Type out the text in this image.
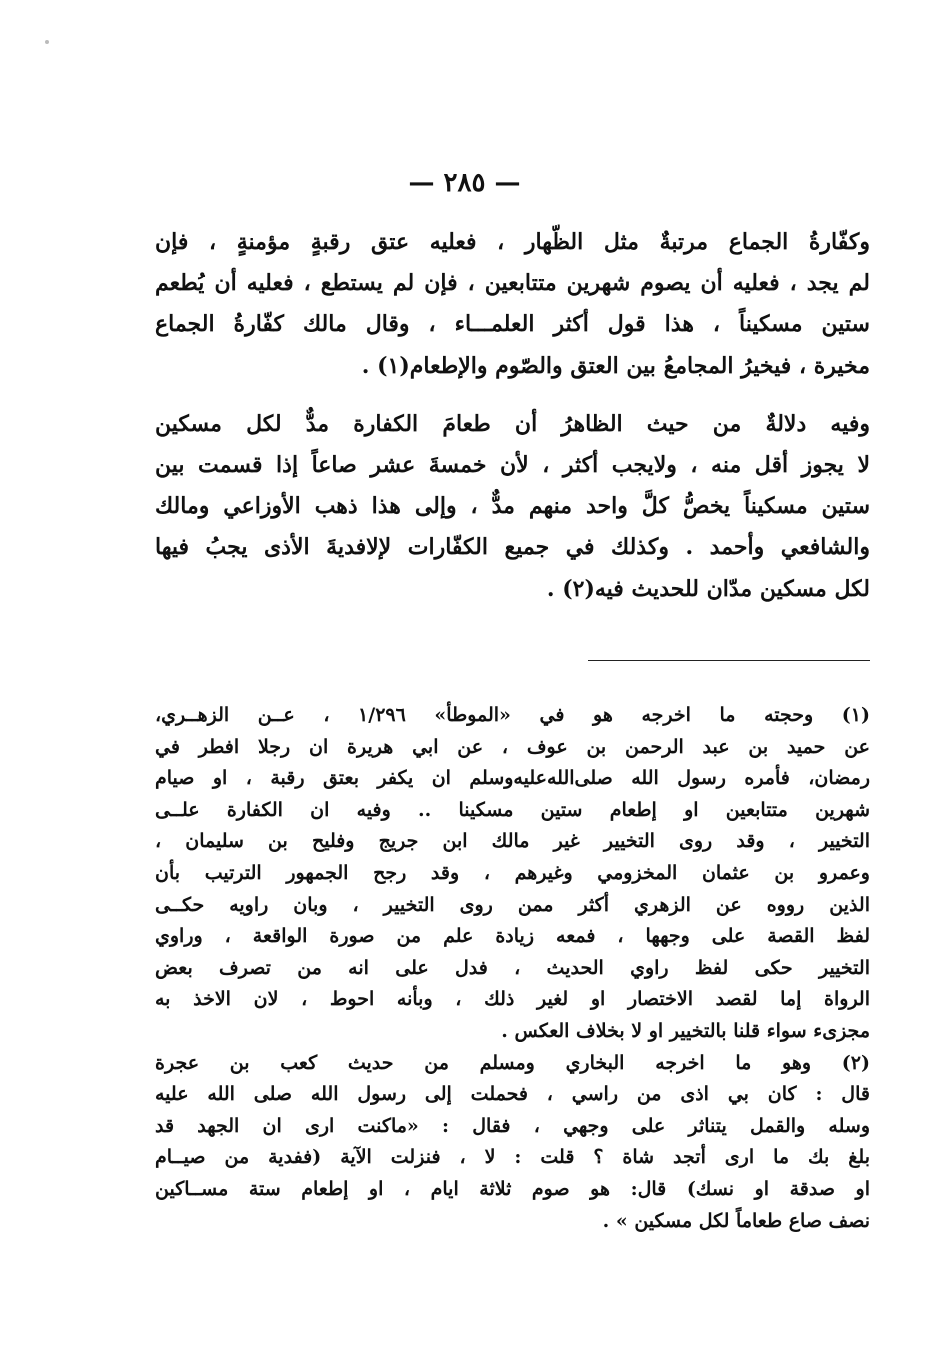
— ٢٨٥ —

وكفّارةُ الجماع مرتبةٌ مثل الظّهار ، فعليه عتق رقبةٍ مؤمنةٍ ، فإن
لم يجد ، فعليه أن يصوم شهرين متتابعين ، فإن لم يستطع ، فعليه أن يُطعم
ستين مسكيناً ، هذا قول أكثر العلمـــاء ، وقال مالك كفّارةُ الجماع
مخيرة ، فيخيرُ المجامعُ بين العتق والصّوم والإطعام(١) .

وفيه دلالةٌ من حيث الظاهرُ أن طعامَ الكفارة مدٌّ لكل مسكين
لا يجوز أقل منه ، ولايجب أكثر ، لأن خمسةَ عشر صاعاً إذا قسمت بين
ستين مسكيناً يخصُّ كلَّ واحد منهم مدٌّ ، وإلى هذا ذهب الأوزاعي ومالك
والشافعي وأحمد . وكذلك في جميع الكفّارات لإلافديةَ الأذى يجبُ فيها
لكل مسكين مدّان للحديث فيه(٢) .

(١) وحجته ما اخرجه هو في «الموطأ» ١/٢٩٦ ، عــن الزهــري،
عن حميد بن عبد الرحمن بن عوف ، عن ابي هريرة ان رجلا افطر في
رمضان، فأمره رسول الله صلى‌الله‌عليه‌وسلم ان يكفر بعتق رقبة ، او صيام
شهرين متتابعين او إطعام ستين مسكينا .. وفيه ان الكفارة علــى
التخيير ، وقد روى التخيير غير مالك ابن جريج وفليح بن سليمان ،
وعمرو بن عثمان المخزومي وغيرهم ، وقد رجح الجمهور الترتيب بأن
الذين رووه عن الزهري أكثر ممن روى التخيير ، وبان راويه حكــى
لفظ القصة على وجهها ، فمعه زيادة علم من صورة الواقعة ، وراوي
التخيير حكى لفظ راوي الحديث ، فدل على انه من تصرف بعض
الرواة إما لقصد الاختصار او لغير ذلك ، وبأنه احوط ، لان الاخذ به
مجزىء سواء قلنا بالتخيير او لا بخلاف العكس .

(٢) وهو ما اخرجه البخاري ومسلم من حديث كعب بن عجرة
قال : كان بي اذى من راسي ، فحملت إلى رسول الله صلى الله عليه
وسله والقمل يتناثر على وجهي ، فقال : «ماكنت ارى ان الجهد قد
بلغ بك ما ارى أتجد شاة ؟ قلت : لا ، فنزلت الآية (ففدية من صيــام
او صدقة او نسك) قال: هو صوم ثلاثة ايام ، او إطعام ستة مســاكين
نصف صاع طعاماً لكل مسكين » .
